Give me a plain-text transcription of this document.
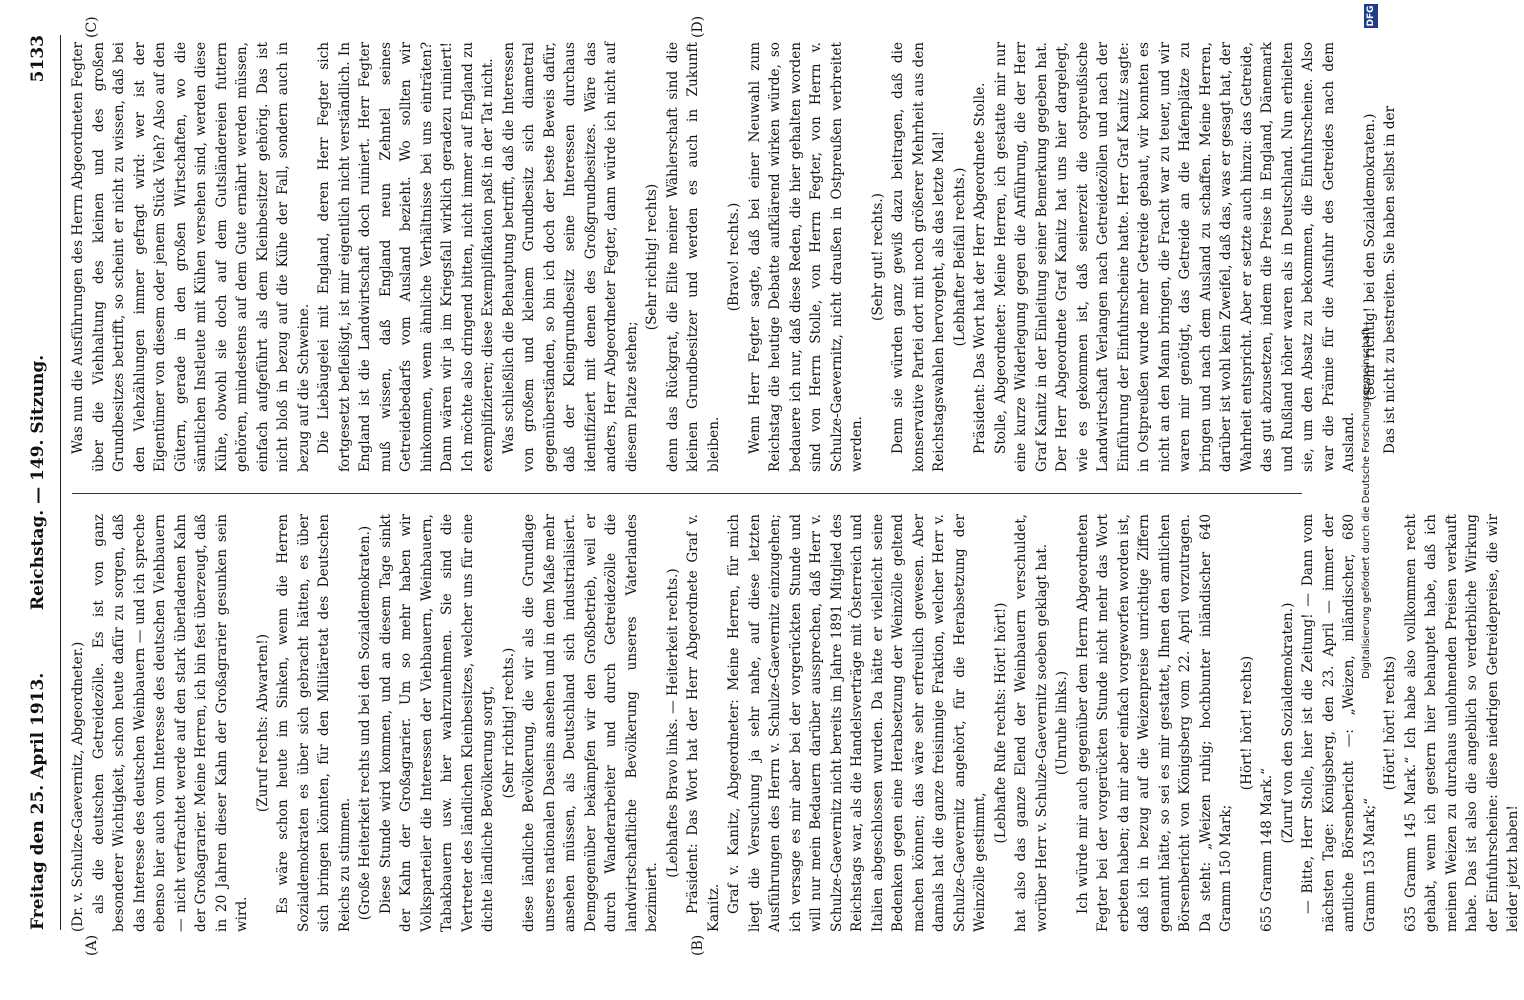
Freitag den 25. April 1913.
Reichstag. — 149. Sitzung.
5133
(A)
(C)
(B)
(D)

(Dr. v. Schulze-Gaevernitz, Abgeordneter.) als die deutschen Getreidezölle. Es ist von ganz besonderer Wichtigkeit, schon heute dafür zu sorgen, daß das Interesse des deutschen Weinbauern — und ich spreche ebenso hier auch vom Interesse des deutschen Viehbauern — nicht verfrachtet werde auf den stark überladenen Kahn der Großagrarier. Meine Herren, ich bin fest überzeugt, daß in 20 Jahren dieser Kahn der Großagrarier gesunken sein wird.

(Zuruf rechts: Abwarten!) Es wäre schon heute im Sinken, wenn die Herren Sozialdemokraten es über sich gebracht hätten, es über sich bringen könnten, für den Militäretat des Deutschen Reichs zu stimmen. (Große Heiterkeit rechts und bei den Sozialdemokraten.) Diese Stunde wird kommen, und an diesem Tage sinkt der Kahn der Großagrarier. Um so mehr haben wir Volksparteiler die Interessen der Viehbauern, Weinbauern, Tabakbauern usw. hier wahrzunehmen. Sie sind die Vertreter des ländlichen Kleinbesitzes, welcher uns für eine dichte ländliche Bevölkerung sorgt, (Sehr richtig! rechts.) diese ländliche Bevölkerung, die wir als die Grundlage unseres nationalen Daseins ansehen und in dem Maße mehr ansehen müssen, als Deutschland sich industrialisiert. Demgegenüber bekämpfen wir den Großbetrieb, weil er durch Wanderarbeiter und durch Getreidezölle die landwirtschaftliche Bevölkerung unseres Vaterlandes bezimiert.

(Lebhaftes Bravo links. — Heiterkeit rechts.) Präsident: Das Wort hat der Herr Abgeordnete Graf v. Kanitz. Graf v. Kanitz, Abgeordneter: Meine Herren, für mich liegt die Versuchung ja sehr nahe, auf diese letzten Ausführungen des Herrn v. Schulze-Gaevernitz einzugehen; ich versage es mir aber bei der vorgerückten Stunde und will nur mein Bedauern darüber aussprechen, daß Herr v. Schulze-Gaevernitz nicht bereits im Jahre 1891 Mitglied des Reichstags war, als die Handelsverträge mit Österreich und Italien abgeschlossen wurden. Da hätte er vielleicht seine Bedenken gegen eine Herabsetzung der Weinzölle geltend machen können; das wäre sehr erfreulich gewesen. Aber damals hat die ganze freisinnige Fraktion, welcher Herr v. Schulze-Gaevernitz angehört, für die Herabsetzung der Weinzölle gestimmt,

(Lebhafte Rufe rechts: Hört! hört!) hat also das ganze Elend der Weinbauern verschuldet, worüber Herr v. Schulze-Gaevernitz soeben geklagt hat. (Unruhe links.) Ich würde mir auch gegenüber dem Herrn Abgeordneten Fegter bei der vorgerückten Stunde nicht mehr das Wort erbeten haben; da mir aber einfach vorgeworfen worden ist, daß ich in bezug auf die Weizenpreise unrichtige Ziffern genannt hätte, so sei es mir gestattet, Ihnen den amtlichen Börsenbericht von Königsberg vom 22. April vorzutragen. Da steht: „Weizen ruhig; hochbunter inländischer 640 Gramm 150 Mark;

(Hört! hört! rechts)

655 Gramm 148 Mark.“

(Zuruf von den Sozialdemokraten.) — Bitte, Herr Stolle, hier ist die Zeitung! — Dann vom nächsten Tage: Königsberg, den 23. April — immer der amtliche Börsenbericht —: „Weizen, inländischer, 680 Gramm 153 Mark;“

(Hört! hört! rechts) 635 Gramm 145 Mark.“ Ich habe also vollkommen recht gehabt, wenn ich gestern hier behauptet habe, daß ich meinen Weizen zu durchaus unlohnenden Preisen verkauft habe. Das ist also die angeblich so verderbliche Wirkung der Einfuhrscheine: diese niedrigen Getreidepreise, die wir leider jetzt haben!

Was nun die Ausführungen des Herrn Abgeordneten Fegter über die Viehhaltung des kleinen und des großen Grundbesitzes betrifft, so scheint er nicht zu wissen, daß bei den Viehzählungen immer gefragt wird: wer ist der Eigentümer von diesem oder jenem Stück Vieh? Also auf den Gütern, gerade in den großen Wirtschaften, wo die sämtlichen Instleute mit Kühen versehen sind, werden diese Kühe, obwohl sie doch auf dem Gutsländereien futtern gehören, mindestens auf dem Gute ernährt werden müssen, einfach aufgeführt als dem Kleinbesitzer gehörig. Das ist nicht bloß in bezug auf die Kühe der Fall, sondern auch in bezug auf die Schweine. Die Liebäugelei mit England, deren Herr Fegter sich fortgesetzt befleißigt, ist mir eigentlich nicht verständlich. In England ist die Landwirtschaft doch ruiniert. Herr Fegter muß wissen, daß England neun Zehntel seines Getreidebedarfs vom Ausland bezieht. Wo sollten wir hinkommen, wenn ähnliche Verhältnisse bei uns einträten? Dann wären wir ja im Kriegsfall wirklich geradezu ruiniert! Ich möchte also dringend bitten, nicht immer auf England zu exemplifizieren; diese Exemplifikation paßt in der Tat nicht. Was schließlich die Behauptung betrifft, daß die Interessen von großem und kleinem Grundbesitz sich diametral gegenüberständen, so bin ich doch der beste Beweis dafür, daß der Kleingrundbesitz seine Interessen durchaus identifiziert mit denen des Großgrundbesitzes. Wäre das anders, Herr Abgeordneter Fegter, dann würde ich nicht auf diesem Platze stehen;

(Sehr richtig! rechts) denn das Rückgrat, die Elite meiner Wählerschaft sind die kleinen Grundbesitzer und werden es auch in Zukunft bleiben.

(Bravo! rechts.) Wenn Herr Fegter sagte, daß bei einer Neuwahl zum Reichstag die heutige Debatte aufklärend wirken würde, so bedauere ich nur, daß diese Reden, die hier gehalten worden sind von Herrn Stolle, von Herrn Fegter, von Herrn v. Schulze-Gaevernitz, nicht draußen in Ostpreußen verbreitet werden.

(Sehr gut! rechts.) Denn sie würden ganz gewiß dazu beitragen, daß die konservative Partei dort mit noch größerer Mehrheit aus den Reichstagswahlen hervorgeht, als das letzte Mal! (Lebhafter Beifall rechts.) Präsident: Das Wort hat der Herr Abgeordnete Stolle. Stolle, Abgeordneter: Meine Herren, ich gestatte mir nur eine kurze Widerlegung gegen die Anführung, die der Herr Graf Kanitz in der Einleitung seiner Bemerkung gegeben hat. Der Herr Abgeordnete Graf Kanitz hat uns hier dargelegt, wie es gekommen ist, daß seinerzeit die ostpreußische Landwirtschaft Verlangen nach Getreidezöllen und nach der Einführung der Einfuhrscheine hatte. Herr Graf Kanitz sagte: in Ostpreußen wurde mehr Getreide gebaut, wir konnten es nicht an den Mann bringen, die Fracht war zu teuer, und wir waren mir genötigt, das Getreide an die Hafenplätze zu bringen und nach dem Ausland zu schaffen. Meine Herren, darüber ist wohl kein Zweifel, daß das, was er gesagt hat, der Wahrheit entspricht. Aber er setzte auch hinzu: das Getreide, das gut abzusetzen, indem die Preise in England, Dänemark und Rußland höher waren als in Deutschland. Nun erhielten sie, um den Absatz zu bekommen, die Einfuhrscheine. Also war die Prämie für die Ausfuhr des Getreides nach dem Ausland.

(Sehr richtig! bei den Sozialdemokraten.) Das ist nicht zu bestreiten. Sie haben selbst in der

Digitalisierung gefördert durch die Deutsche Forschungsgemeinschaft -
DFG
